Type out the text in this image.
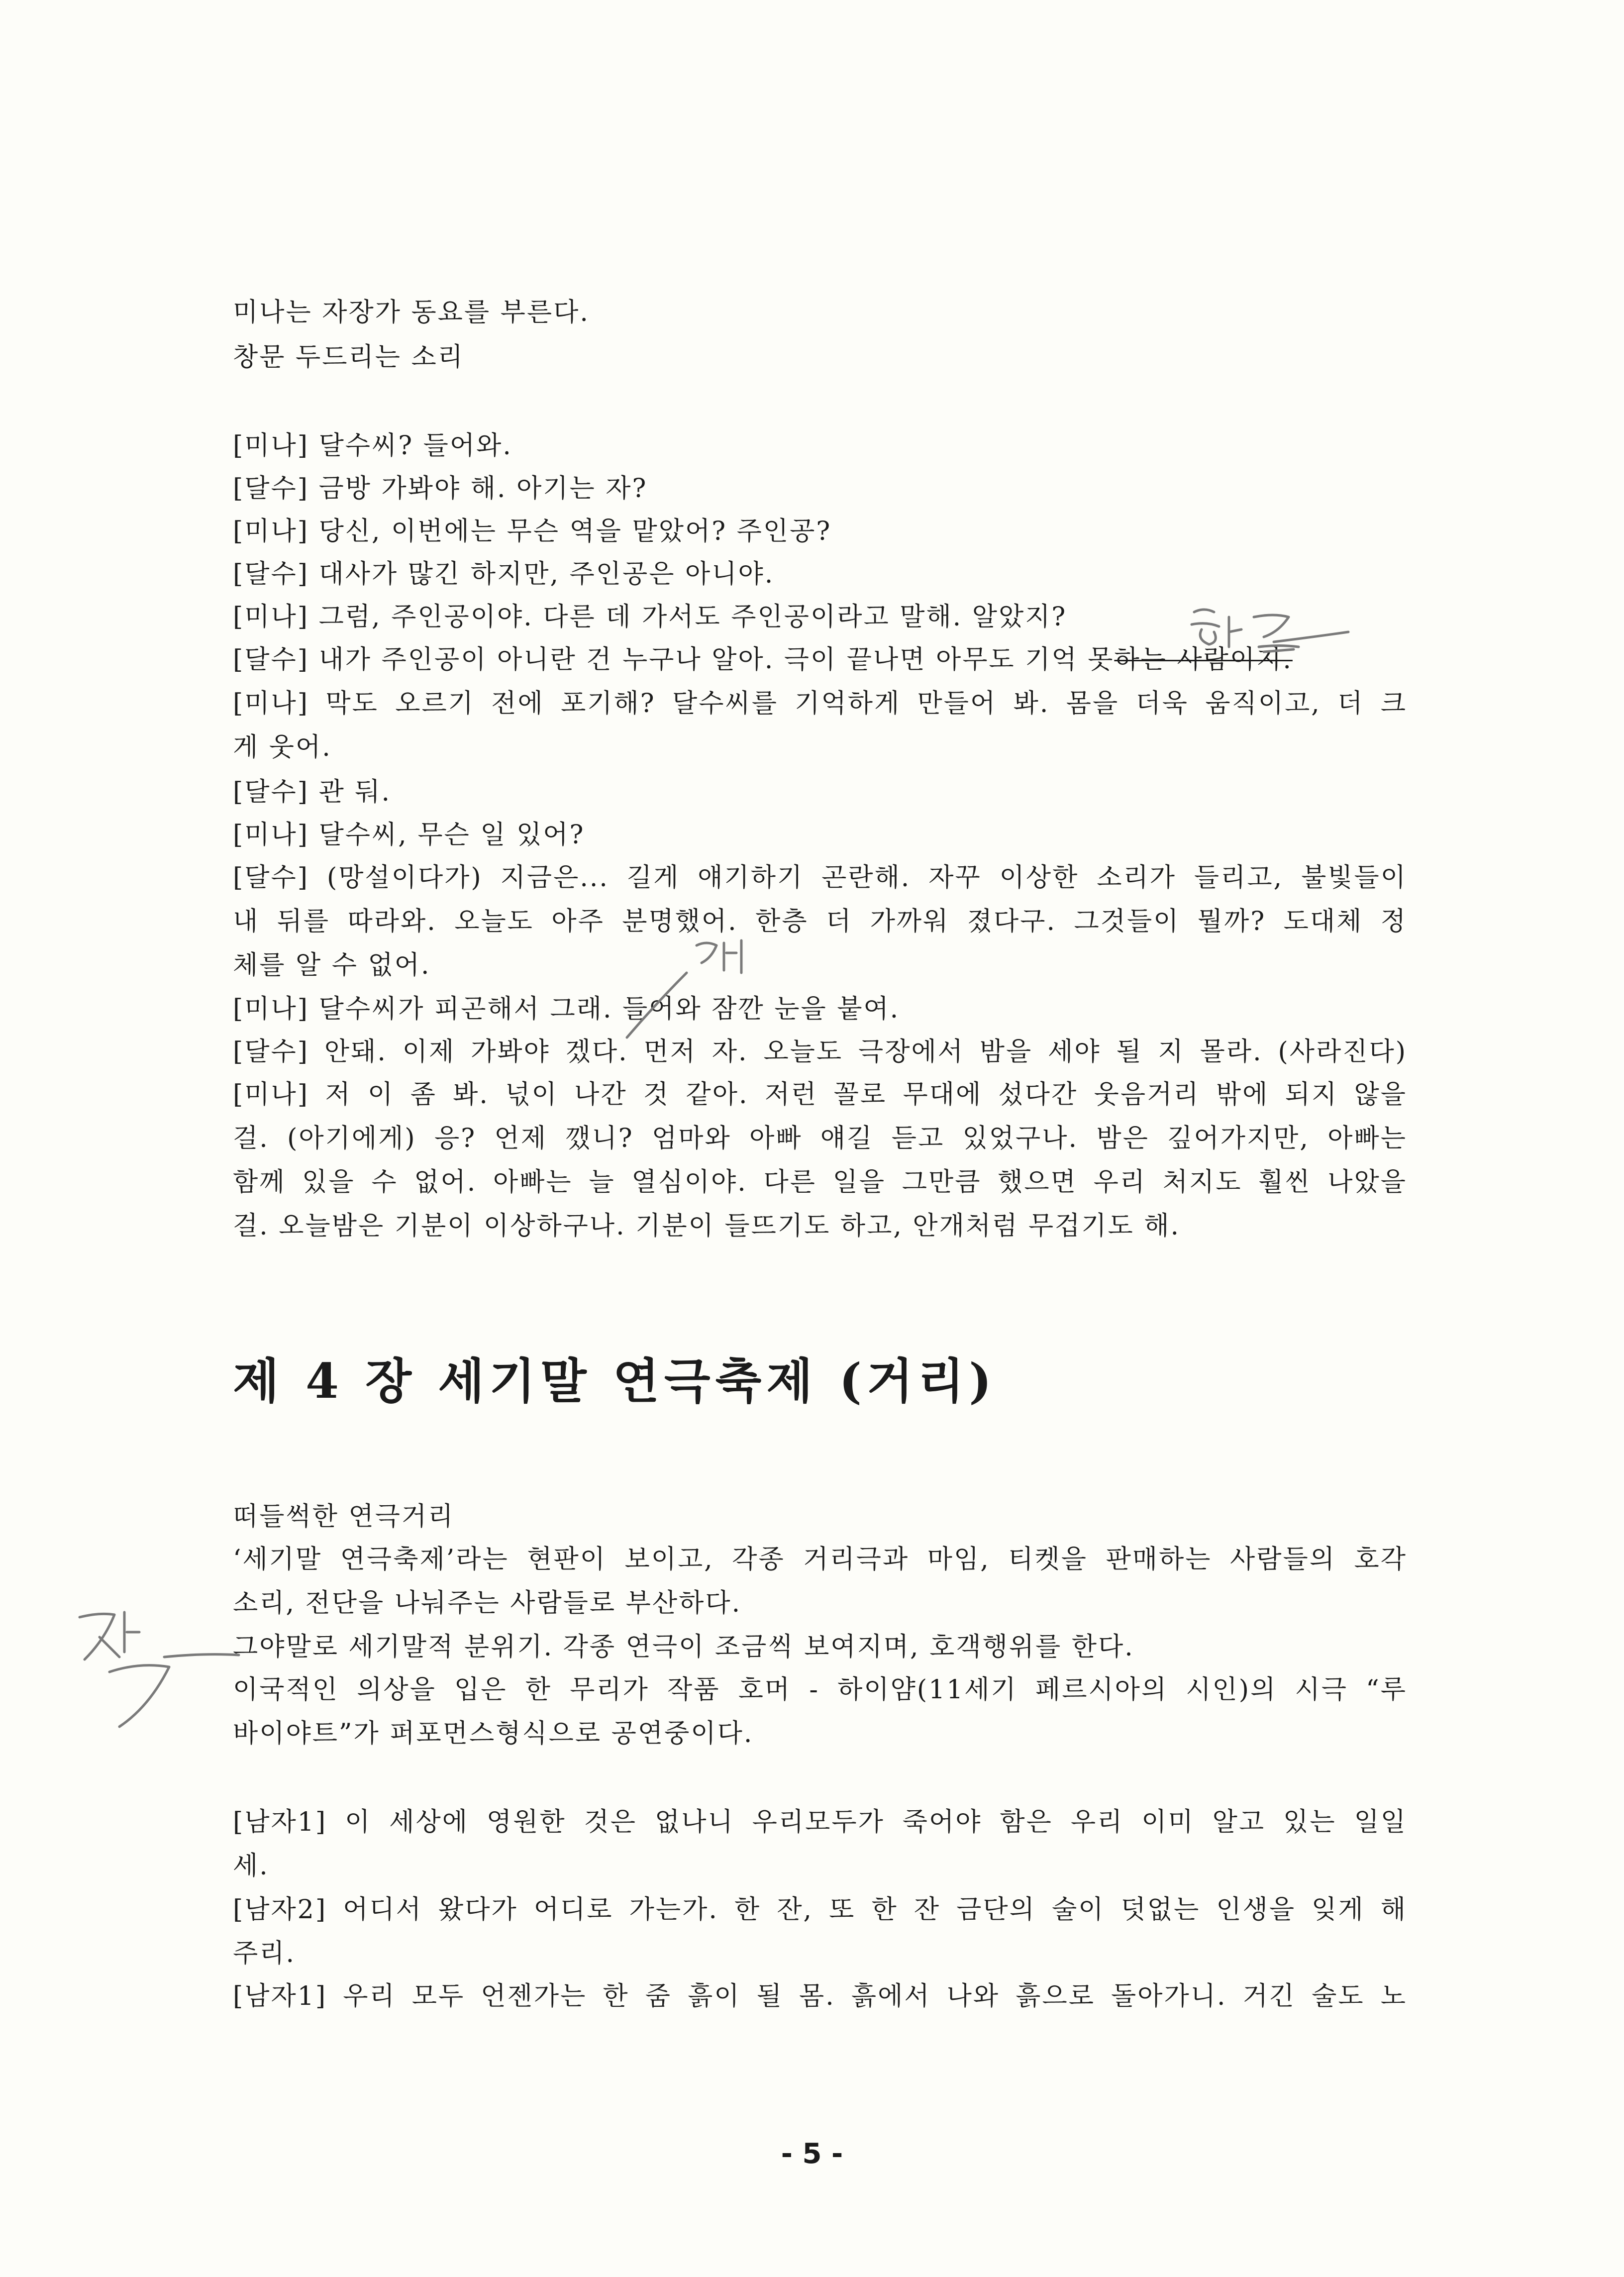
미나는 자장가 동요를 부른다.
창문 두드리는 소리
[미나] 달수씨? 들어와.
[달수] 금방 가봐야 해. 아기는 자?
[미나] 당신, 이번에는 무슨 역을 맡았어? 주인공?
[달수] 대사가 많긴 하지만, 주인공은 아니야.
[미나] 그럼, 주인공이야. 다른 데 가서도 주인공이라고 말해. 알았지?
[달수] 내가 주인공이 아니란 건 누구나 알아. 극이 끝나면 아무도 기억 못하는 사람이지.
[미나] 막도 오르기 전에 포기해? 달수씨를 기억하게 만들어 봐. 몸을 더욱 움직이고, 더 크
게 웃어.
[달수] 관 둬.
[미나] 달수씨, 무슨 일 있어?
[달수] (망설이다가) 지금은... 길게 얘기하기 곤란해. 자꾸 이상한 소리가 들리고, 불빛들이
내 뒤를 따라와. 오늘도 아주 분명했어. 한층 더 가까워 졌다구. 그것들이 뭘까? 도대체 정
체를 알 수 없어.
[미나] 달수씨가 피곤해서 그래. 들어와 잠깐 눈을 붙여.
[달수] 안돼. 이제 가봐야 겠다. 먼저 자. 오늘도 극장에서 밤을 세야 될 지 몰라. (사라진다)
[미나] 저 이 좀 봐. 넋이 나간 것 같아. 저런 꼴로 무대에 섰다간 웃음거리 밖에 되지 않을
걸. (아기에게) 응? 언제 깼니? 엄마와 아빠 얘길 듣고 있었구나. 밤은 깊어가지만, 아빠는
함께 있을 수 없어. 아빠는 늘 열심이야. 다른 일을 그만큼 했으면 우리 처지도 훨씬 나았을
걸. 오늘밤은 기분이 이상하구나. 기분이 들뜨기도 하고, 안개처럼 무겁기도 해.
제 4 장 세기말 연극축제 (거리)
떠들썩한 연극거리
‘세기말 연극축제’라는 현판이 보이고, 각종 거리극과 마임, 티켓을 판매하는 사람들의 호각
소리, 전단을 나눠주는 사람들로 부산하다.
그야말로 세기말적 분위기. 각종 연극이 조금씩 보여지며, 호객행위를 한다.
이국적인 의상을 입은 한 무리가 작품 호머 - 하이얌(11세기 페르시아의 시인)의 시극 “루
바이야트”가 퍼포먼스형식으로 공연중이다.
[남자1] 이 세상에 영원한 것은 없나니 우리모두가 죽어야 함은 우리 이미 알고 있는 일일
세.
[남자2] 어디서 왔다가 어디로 가는가. 한 잔, 또 한 잔 금단의 술이 덧없는 인생을 잊게 해
주리.
[남자1] 우리 모두 언젠가는 한 줌 흙이 될 몸. 흙에서 나와 흙으로 돌아가니. 거긴 술도 노
- 5 -
